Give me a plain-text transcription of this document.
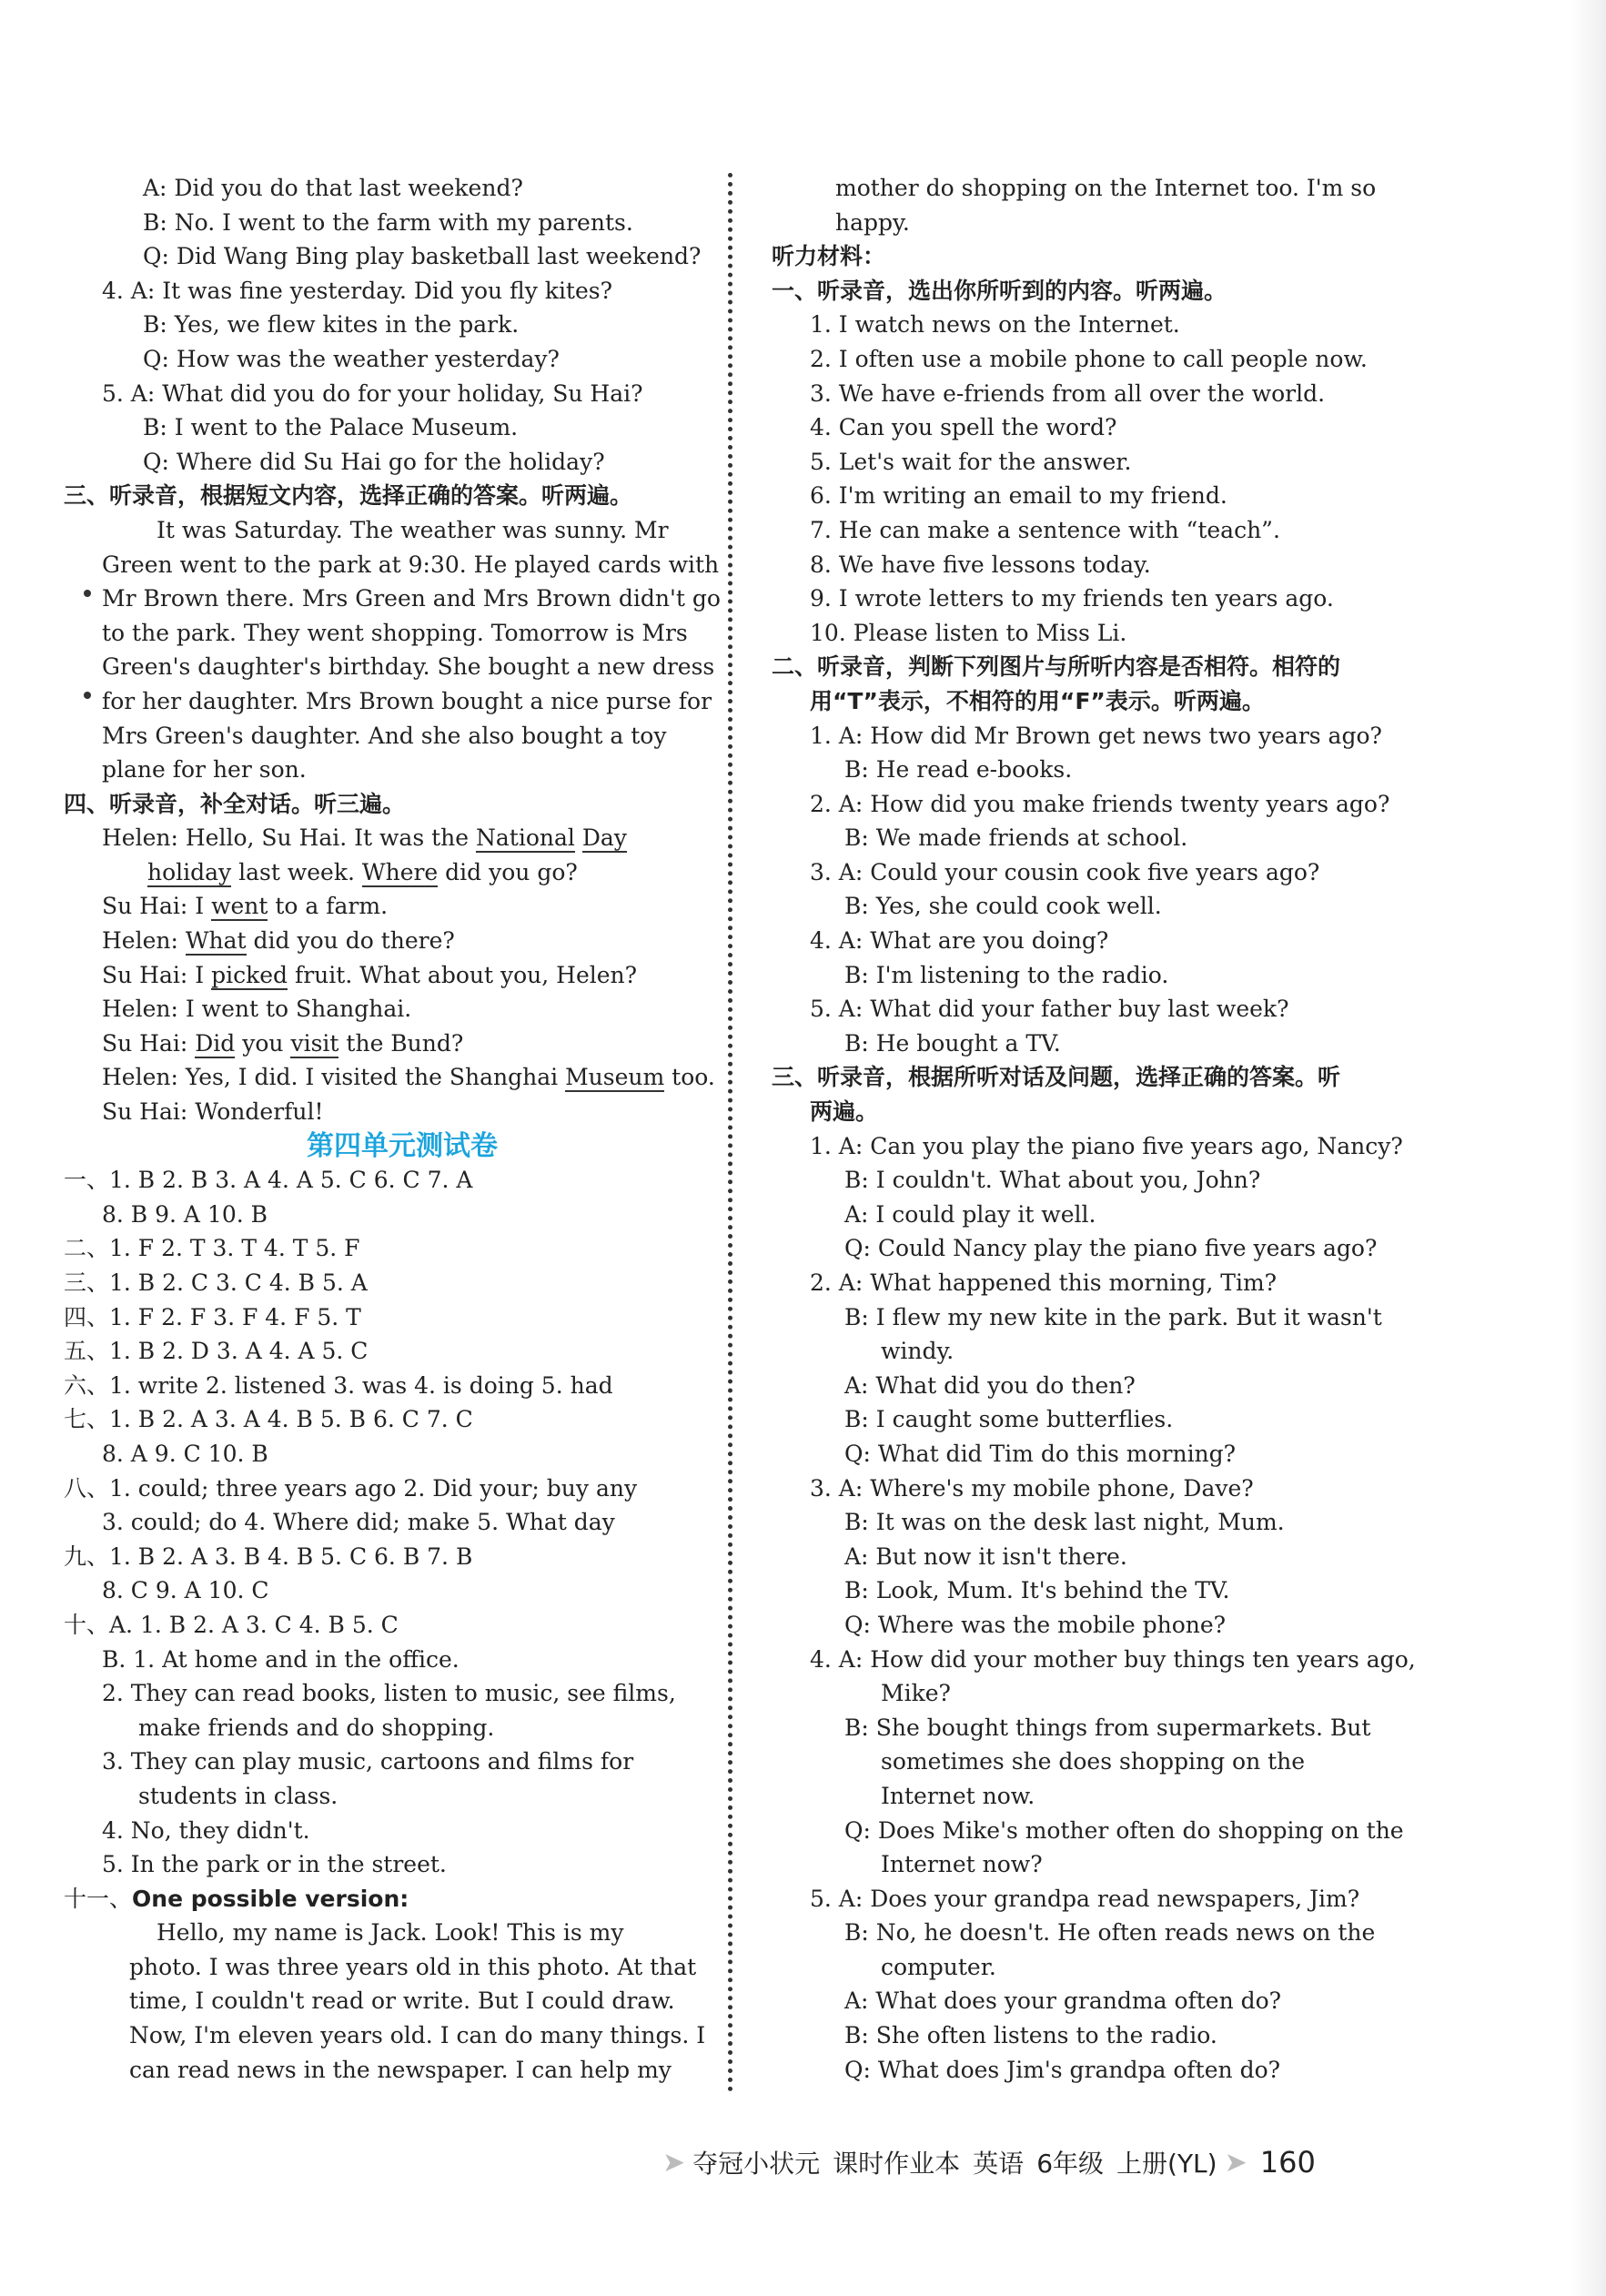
A: Did you do that last weekend?
B: No. I went to the farm with my parents.
Q: Did Wang Bing play basketball last weekend?
4. A: It was fine yesterday. Did you fly kites?
B: Yes, we flew kites in the park.
Q: How was the weather yesterday?
5. A: What did you do for your holiday, Su Hai?
B: I went to the Palace Museum.
Q: Where did Su Hai go for the holiday?
三、听录音，根据短文内容，选择正确的答案。听两遍。
It was Saturday. The weather was sunny. Mr
Green went to the park at 9:30. He played cards with
Mr Brown there. Mrs Green and Mrs Brown didn't go
to the park. They went shopping. Tomorrow is Mrs
Green's daughter's birthday. She bought a new dress
for her daughter. Mrs Brown bought a nice purse for
Mrs Green's daughter. And she also bought a toy
plane for her son.
四、听录音，补全对话。听三遍。
Helen: Hello, Su Hai. It was the National Day
holiday last week. Where did you go?
Su Hai: I went to a farm.
Helen: What did you do there?
Su Hai: I picked fruit. What about you, Helen?
Helen: I went to Shanghai.
Su Hai: Did you visit the Bund?
Helen: Yes, I did. I visited the Shanghai Museum too.
Su Hai: Wonderful!
第四单元测试卷
一、1. B 2. B 3. A 4. A 5. C 6. C 7. A
8. B 9. A 10. B
二、1. F 2. T 3. T 4. T 5. F
三、1. B 2. C 3. C 4. B 5. A
四、1. F 2. F 3. F 4. F 5. T
五、1. B 2. D 3. A 4. A 5. C
六、1. write 2. listened 3. was 4. is doing 5. had
七、1. B 2. A 3. A 4. B 5. B 6. C 7. C
8. A 9. C 10. B
八、1. could; three years ago 2. Did your; buy any
3. could; do 4. Where did; make 5. What day
九、1. B 2. A 3. B 4. B 5. C 6. B 7. B
8. C 9. A 10. C
十、A. 1. B 2. A 3. C 4. B 5. C
B. 1. At home and in the office.
2. They can read books, listen to music, see films,
make friends and do shopping.
3. They can play music, cartoons and films for
students in class.
4. No, they didn't.
5. In the park or in the street.
十一、One possible version:
Hello, my name is Jack. Look! This is my
photo. I was three years old in this photo. At that
time, I couldn't read or write. But I could draw.
Now, I'm eleven years old. I can do many things. I
can read news in the newspaper. I can help my
mother do shopping on the Internet too. I'm so
happy.
听力材料：
一、听录音，选出你所听到的内容。听两遍。
1. I watch news on the Internet.
2. I often use a mobile phone to call people now.
3. We have e-friends from all over the world.
4. Can you spell the word?
5. Let's wait for the answer.
6. I'm writing an email to my friend.
7. He can make a sentence with “teach”.
8. We have five lessons today.
9. I wrote letters to my friends ten years ago.
10. Please listen to Miss Li.
二、听录音，判断下列图片与所听内容是否相符。相符的
用“T”表示，不相符的用“F”表示。听两遍。
1. A: How did Mr Brown get news two years ago?
B: He read e-books.
2. A: How did you make friends twenty years ago?
B: We made friends at school.
3. A: Could your cousin cook five years ago?
B: Yes, she could cook well.
4. A: What are you doing?
B: I'm listening to the radio.
5. A: What did your father buy last week?
B: He bought a TV.
三、听录音，根据所听对话及问题，选择正确的答案。听
两遍。
1. A: Can you play the piano five years ago, Nancy?
B: I couldn't. What about you, John?
A: I could play it well.
Q: Could Nancy play the piano five years ago?
2. A: What happened this morning, Tim?
B: I flew my new kite in the park. But it wasn't
windy.
A: What did you do then?
B: I caught some butterflies.
Q: What did Tim do this morning?
3. A: Where's my mobile phone, Dave?
B: It was on the desk last night, Mum.
A: But now it isn't there.
B: Look, Mum. It's behind the TV.
Q: Where was the mobile phone?
4. A: How did your mother buy things ten years ago,
Mike?
B: She bought things from supermarkets. But
sometimes she does shopping on the
Internet now.
Q: Does Mike's mother often do shopping on the
Internet now?
5. A: Does your grandpa read newspapers, Jim?
B: No, he doesn't. He often reads news on the
computer.
A: What does your grandma often do?
B: She often listens to the radio.
Q: What does Jim's grandpa often do?
➤ 夺冠小状元 课时作业本 英语 6年级 上册(YL) ➤ 160
